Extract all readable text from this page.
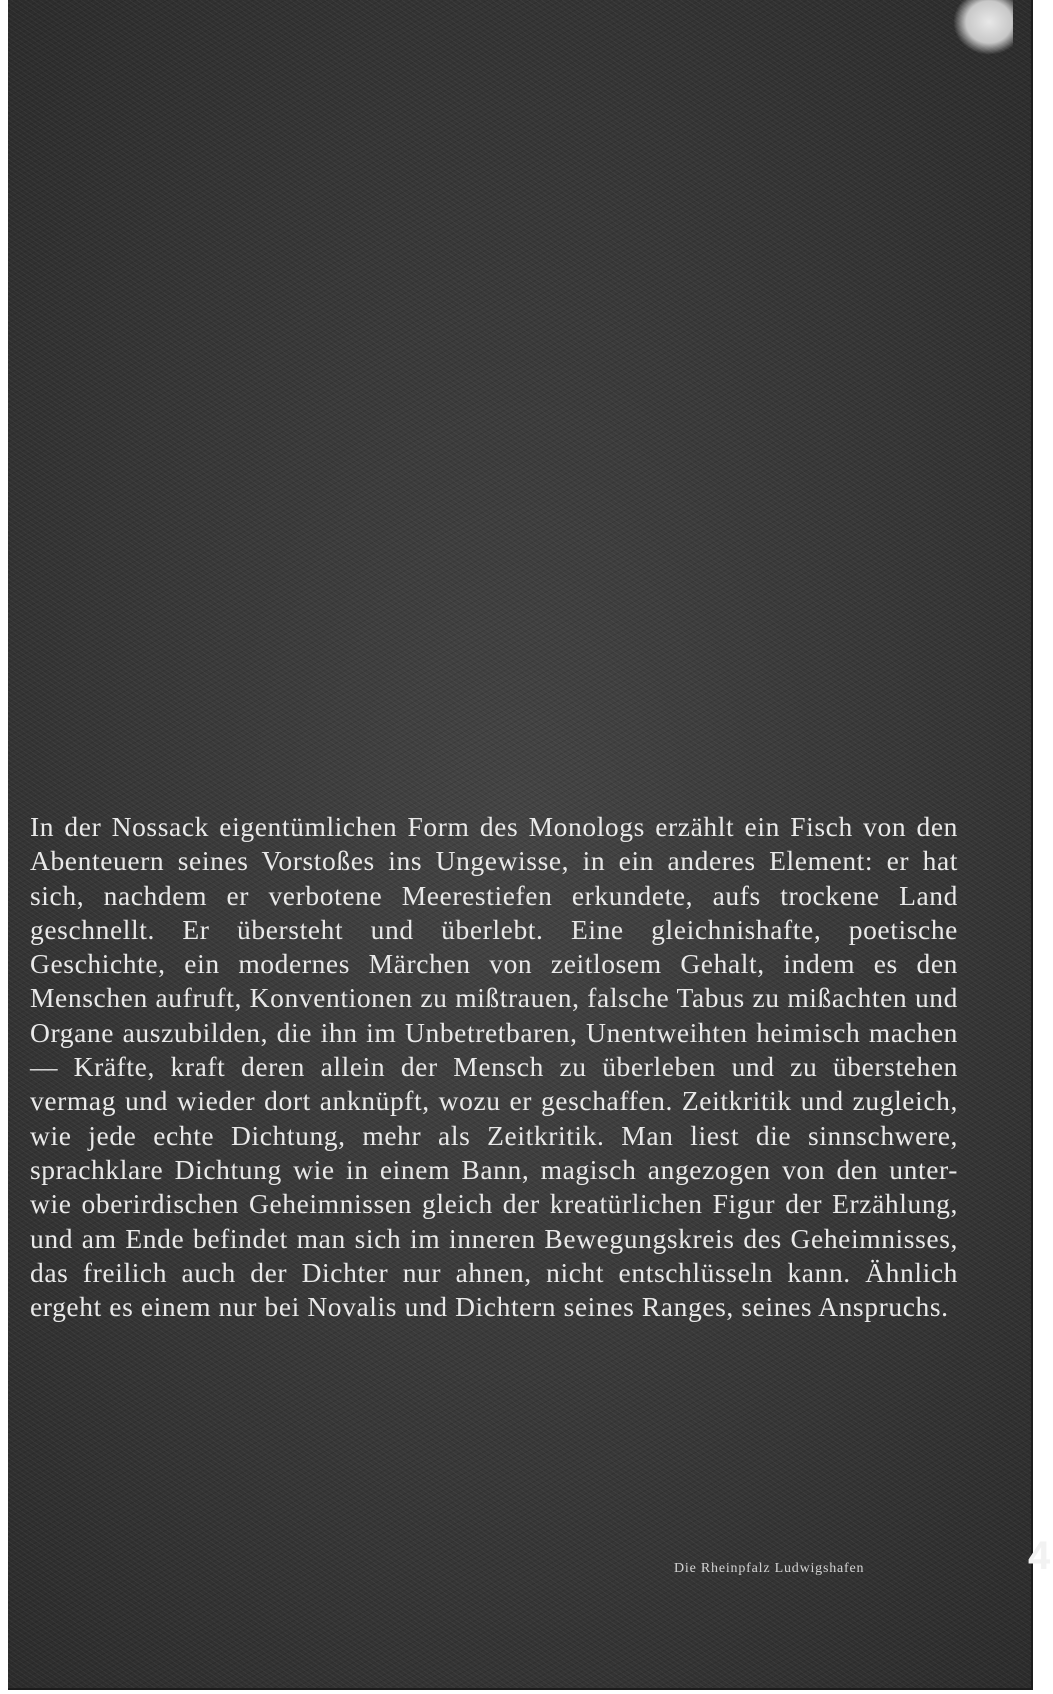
In der Nossack eigentümlichen Form des Monologs erzählt ein Fisch von den Abenteuern seines Vorstoßes ins Ungewisse, in ein anderes Element: er hat sich, nachdem er verbotene Meerestiefen erkundete, aufs trockene Land geschnellt. Er übersteht und überlebt. Eine gleichnishafte, poetische Geschichte, ein modernes Märchen von zeitlosem Gehalt, indem es den Menschen aufruft, Konventionen zu mißtrauen, falsche Tabus zu mißachten und Organe auszubilden, die ihn im Unbetretbaren, Unentweihten heimisch machen — Kräfte, kraft deren allein der Mensch zu überleben und zu überstehen vermag und wieder dort anknüpft, wozu er geschaffen. Zeitkritik und zugleich, wie jede echte Dichtung, mehr als Zeitkritik. Man liest die sinnschwere, sprachklare Dichtung wie in einem Bann, magisch angezogen von den unter- wie oberirdischen Geheimnissen gleich der kreatürlichen Figur der Erzählung, und am Ende befindet man sich im inneren Bewegungskreis des Geheimnisses, das freilich auch der Dichter nur ahnen, nicht entschlüsseln kann. Ähnlich ergeht es einem nur bei Novalis und Dichtern seines Ranges, seines Anspruchs.

Die Rheinpfalz Ludwigshafen	4
